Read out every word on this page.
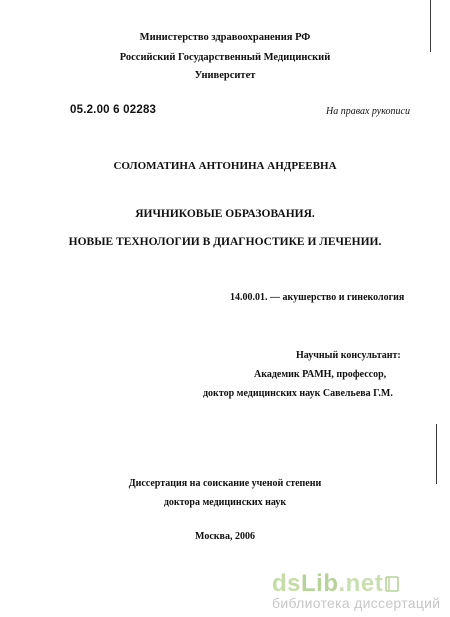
Министерство здравоохранения РФ
Российский Государственный Медицинский
Университет
05.2.00 6 02283	На правах рукописи
СОЛОМАТИНА АНТОНИНА АНДРЕЕВНА
ЯИЧНИКОВЫЕ ОБРАЗОВАНИЯ.
НОВЫЕ ТЕХНОЛОГИИ В ДИАГНОСТИКЕ И ЛЕЧЕНИИ.
14.00.01. — акушерство и гинекология
Научный консультант:
Академик РАМН, профессор,
доктор медицинских наук Савельева Г.М.
Диссертация на соискание ученой степени
доктора медицинских наук
Москва, 2006
dsLib.net
библиотека диссертаций
